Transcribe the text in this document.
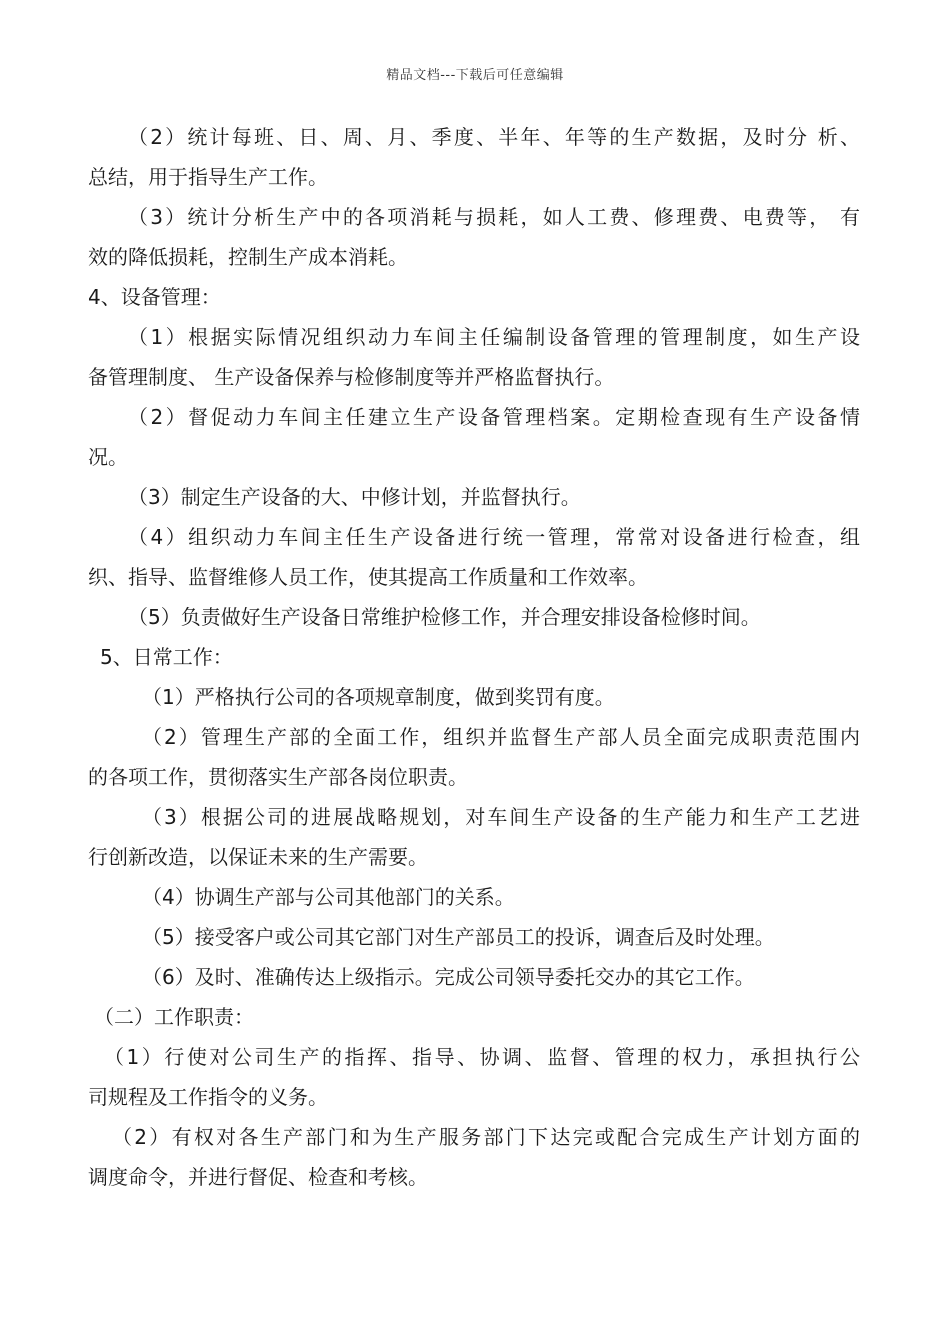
精品文档---下载后可任意编辑
（2）统计每班、日、周、月、季度、半年、年等的生产数据，及时分 析、
总结，用于指导生产工作。
（3）统计分析生产中的各项消耗与损耗，如人工费、修理费、电费等， 有
效的降低损耗，控制生产成本消耗。
4、设备管理：
（1）根据实际情况组织动力车间主任编制设备管理的管理制度，如生产设
备管理制度、 生产设备保养与检修制度等并严格监督执行。
（2）督促动力车间主任建立生产设备管理档案。定期检查现有生产设备情
况。
（3）制定生产设备的大、中修计划，并监督执行。
（4）组织动力车间主任生产设备进行统一管理，常常对设备进行检查，组
织、指导、监督维修人员工作，使其提高工作质量和工作效率。
（5）负责做好生产设备日常维护检修工作，并合理安排设备检修时间。
5、日常工作：
（1）严格执行公司的各项规章制度，做到奖罚有度。
（2）管理生产部的全面工作，组织并监督生产部人员全面完成职责范围内
的各项工作，贯彻落实生产部各岗位职责。
（3）根据公司的进展战略规划，对车间生产设备的生产能力和生产工艺进
行创新改造，以保证未来的生产需要。
（4）协调生产部与公司其他部门的关系。
（5）接受客户或公司其它部门对生产部员工的投诉，调查后及时处理。
（6）及时、准确传达上级指示。完成公司领导委托交办的其它工作。
（二）工作职责：
（1）行使对公司生产的指挥、指导、协调、监督、管理的权力，承担执行公
司规程及工作指令的义务。
（2）有权对各生产部门和为生产服务部门下达完或配合完成生产计划方面的
调度命令，并进行督促、检查和考核。
